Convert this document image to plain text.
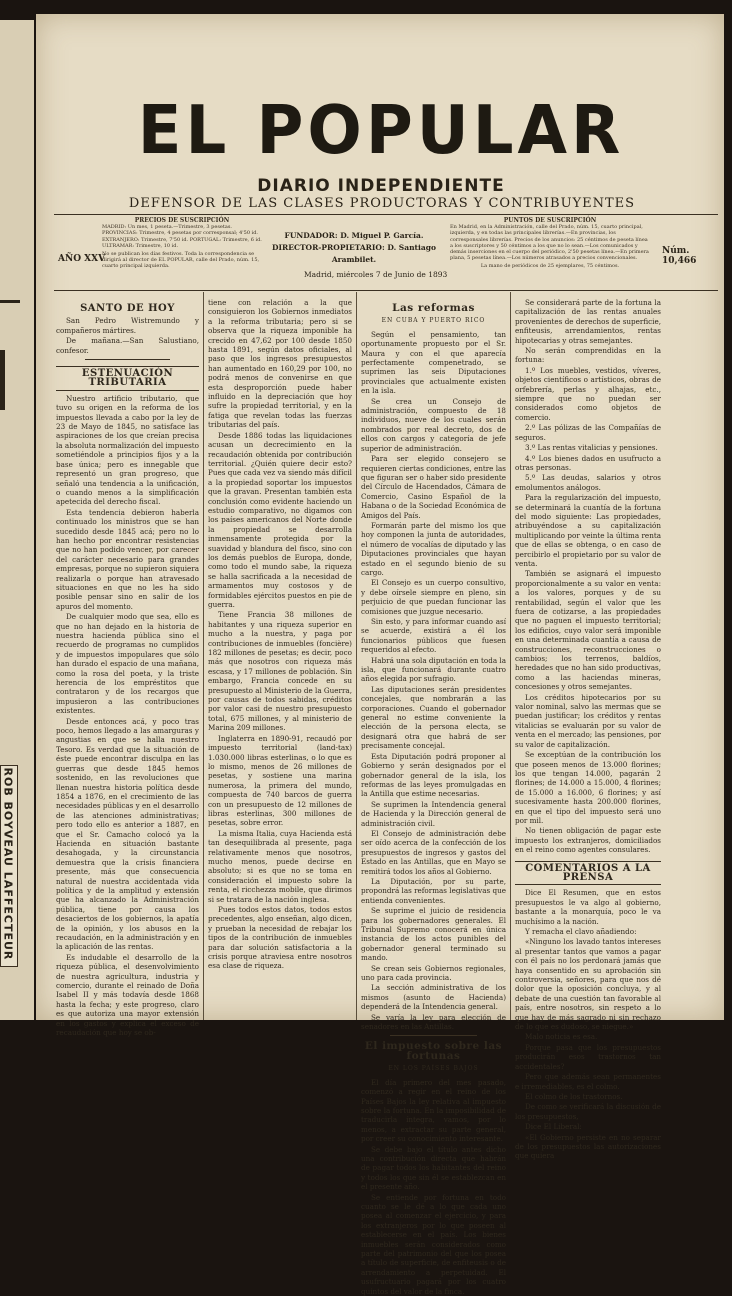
ROB BOYVEAU LAFFECTEUR
EL POPULAR
DIARIO INDEPENDIENTE
DEFENSOR DE LAS CLASES PRODUCTORAS Y CONTRIBUYENTES
AÑO XXV
PRECIOS DE SUSCRIPCIÓN
MADRID: Un mes, 1 peseta.—Trimestre, 3 pesetas. PROVINCIAS: Trimestre, 4 pesetas por corresponsal; 4'50 id. EXTRANJERO: Trimestre, 7'50 id. PORTUGAL: Trimestre, 6 id. ULTRAMAR: Trimestre, 10 id.
No se publican los días festivos. Toda la correspondencia se dirigirá al director de EL POPULAR, calle del Prado, núm. 15, cuarto principal izquierda.
FUNDADOR: D. Miguel P. García.
DIRECTOR-PROPIETARIO: D. Santiago Arambilet.
Madrid, miércoles 7 de Junio de 1893
PUNTOS DE SUSCRIPCIÓN
En Madrid, en la Administración, calle del Prado, núm. 15, cuarto principal, izquierda, y en todas las principales librerías.—En provincias, los corresponsales librerías. Precios de los anuncios: 25 céntimos de peseta línea a los suscriptores y 50 céntimos a los que no lo sean.—Los comunicados y demás inserciones en el cuerpo del periódico, 2'50 pesetas línea.—En primera plana, 5 pesetas línea.—Los números atrasados a precios convencionales.
La mano de periódicos de 25 ejemplares, 75 céntimos.
Núm. 10,466
SANTO DE HOY

San Pedro Wistremundo y compañeros mártires.

De mañana.—San Salustiano, confesor.

ESTENUACIÓN TRIBUTARIA

Nuestro artificio tributario, que tuvo su origen en la reforma de los impuestos llevada a cabo por la ley de 23 de Mayo de 1845, no satisface las aspiraciones de los que creían precisa la absoluta normalización del impuesto sometiéndole a principios fijos y a la base única; pero es innegable que representó un gran progreso, que señaló una tendencia a la unificación, o cuando menos a la simplificación apetecida del derecho fiscal.

Esta tendencia debieron haberla continuado los ministros que se han sucedido desde 1845 acá; pero no lo han hecho por encontrar resistencias que no han podido vencer, por carecer del carácter necesario para grandes empresas, porque no supieron siquiera realizarla o porque han atravesado situaciones en que no les ha sido posible pensar sino en salir de los apuros del momento.

De cualquier modo que sea, ello es que no han dejado en la historia de nuestra hacienda pública sino el recuerdo de programas no cumplidos y de impuestos impopulares que sólo han durado el espacio de una mañana, como la rosa del poeta, y la triste herencia de los empréstitos que contrataron y de los recargos que impusieron a las contribuciones existentes.

Desde entonces acá, y poco tras poco, hemos llegado a las amarguras y angustias en que se halla nuestro Tesoro. Es verdad que la situación de éste puede encontrar disculpa en las guerras que desde 1845 hemos sostenido, en las revoluciones que llenan nuestra historia política desde 1854 a 1876, en el crecimiento de las necesidades públicas y en el desarrollo de las atenciones administrativas; pero todo ello es anterior a 1887, en que el Sr. Camacho colocó ya la Hacienda en situación bastante desahogada, y la circunstancia demuestra que la crisis financiera presente, más que consecuencia natural de nuestra accidentada vida política y de la amplitud y extensión que ha alcanzado la Administración pública, tiene por causa los desaciertos de los gobiernos, la apatía de la opinión, y los abusos en la recaudación, en la administración y en la aplicación de las rentas.

Es indudable el desarrollo de la riqueza pública, el desenvolvimiento de nuestra agricultura, industria y comercio, durante el reinado de Doña Isabel II y más todavía desde 1868 hasta la fecha; y este progreso, claro es que autoriza una mayor extensión en los gastos y explica el exceso de recaudación que hoy se ob-

tiene con relación a la que consiguieron los Gobiernos inmediatos a la reforma tributaria; pero si se observa que la riqueza imponible ha crecido en 47,62 por 100 desde 1850 hasta 1891, según datos oficiales, al paso que los ingresos presupuestos han aumentado en 160,29 por 100, no podrá menos de convenirse en que esta desproporción puede haber influido en la depreciación que hoy sufre la propiedad territorial, y en la fatiga que revelan todas las fuerzas tributarias del país.

Desde 1886 todas las liquidaciones acusan un decrecimiento en la recaudación obtenida por contribución territorial. ¿Quién quiere decir esto? Pues que cada vez va siendo más difícil a la propiedad soportar los impuestos que la gravan. Presentan también esta conclusión como evidente haciendo un estudio comparativo, no digamos con los países americanos del Norte donde la propiedad se desarrolla inmensamente protegida por la suavidad y blandura del fisco, sino con los demás pueblos de Europa, donde, como todo el mundo sabe, la riqueza se halla sacrificada a la necesidad de armamentos muy costosos y de formidables ejércitos puestos en pie de guerra.

Tiene Francia 38 millones de habitantes y una riqueza superior en mucho a la nuestra, y paga por contribuciones de inmuebles (foncière) 182 millones de pesetas; es decir, poco más que nosotros con riqueza más escasa, y 17 millones de población. Sin embargo, Francia concede en su presupuesto al Ministerio de la Guerra, por causas de todos sabidas, créditos por valor casi de nuestro presupuesto total, 675 millones, y al ministerio de Marina 209 millones.

Inglaterra en 1890-91, recaudó por impuesto territorial (land-tax) 1.030.000 libras esterlinas, o lo que es lo mismo, menos de 26 millones de pesetas, y sostiene una marina numerosa, la primera del mundo, compuesta de 740 barcos de guerra con un presupuesto de 12 millones de libras esterlinas, 300 millones de pesetas, sobre error.

La misma Italia, cuya Hacienda está tan desequilibrada al presente, paga relativamente menos que nosotros, mucho menos, puede decirse en absoluto; si es que no se toma en consideración el impuesto sobre la renta, el ricchezza mobile, que dirimos si se tratara de la nación inglesa.

Pues todos estos datos, todos estos precedentes, algo enseñan, algo dicen, y prueban la necesidad de rebajar los tipos de la contribución de inmuebles para dar solución satisfactoria a la crisis porque atraviesa entre nosotros esa clase de riqueza.

Las reformas
EN CUBA Y PUERTO RICO

Según el pensamiento, tan oportunamente propuesto por el Sr. Maura y con el que aparecía perfectamente compenetrado, se suprimen las seis Diputaciones provinciales que actualmente existen en la isla.

Se crea un Consejo de administración, compuesto de 18 individuos, nueve de los cuales serán nombrados por real decreto, dos de ellos con cargos y categoría de jefe superior de administración.

Para ser elegido consejero se requieren ciertas condiciones, entre las que figuran ser o haber sido presidente del Círculo de Hacendados, Cámara de Comercio, Casino Español de la Habana o de la Sociedad Económica de Amigos del País.

Formarán parte del mismo los que hoy componen la junta de autoridades, el número de vocalías de diputado y las Diputaciones provinciales que hayan estado en el segundo bienio de su cargo.

El Consejo es un cuerpo consultivo, y debe oírsele siempre en pleno, sin perjuicio de que puedan funcionar las comisiones que juzgue necesario.

Sin esto, y para informar cuando así se acuerde, existirá a él los funcionarios públicos que fuesen requeridos al efecto.

Habrá una sola diputación en toda la isla, que funcionará durante cuatro años elegida por sufragio.

Las diputaciones serán presidentes concejales, que nombrarán a las corporaciones. Cuando el gobernador general no estime conveniente la elección de la persona electa, se designará otra que habrá de ser precisamente concejal.

Esta Diputación podrá proponer al Gobierno y serán designados por el gobernador general de la isla, los reformas de las leyes promulgadas en la Antilla que estime necesarias.

Se suprimen la Intendencia general de Hacienda y la Dirección general de administración civil.

El Consejo de administración debe ser oído acerca de la confección de los presupuestos de ingresos y gastos del Estado en las Antillas, que en Mayo se remitirá todos los años al Gobierno.

La Diputación, por su parte, propondrá las reformas legislativas que entienda convenientes.

Se suprime el juicio de residencia para los gobernadores generales. El Tribunal Supremo conocerá en única instancia de los actos punibles del gobernador general terminado su mando.

Se crean seis Gobiernos regionales, uno para cada provincia.

La sección administrativa de los mismos (asunto de Hacienda) dependerá de la Intendencia general.

Se varía la ley para elección de senadores en las Antillas.

El impuesto sobre las fortunas
EN LOS PAÍSES BAJOS

El día primero del mes pasado, comenzó a regir en el reino de los Países Bajos la ley relativa al impuesto sobre la fortuna. En la imposibilidad de traducirla íntegra, vamos, por lo menos, a extractar su parte general, por creer su conocimiento interesante.

Se debe bajo el título antes dicho una contribución directa que habrán de pagar todos los habitantes del reino y todos los que sin él se establezcan en el presente año.

Se entiende por fortuna en todo cuanto se le dé a lo que cada uno posea al comenzar el ejercicio, y para los extranjeros por lo que poseen al establecerse en el país. Los bienes inmuebles serán considerados como parte del patrimonio del que los posea a título de superficie, de enfiteusis o de arrendamiento a perpetuidad. El usufructuario pagará por los cuatro quintos del valor de la finca.

Se considerará parte de la fortuna la capitalización de las rentas anuales provenientes de derechos de superficie, enfiteusis, arrendamientos, rentas hipotecarias y otras semejantes.

No serán comprendidas en la fortuna:

1.º Los muebles, vestidos, víveres, objetos científicos o artísticos, obras de orfebrería, perlas y alhajas, etc., siempre que no puedan ser considerados como objetos de comercio.

2.º Las pólizas de las Compañías de seguros.

3.º Las rentas vitalicias y pensiones.

4.º Los bienes dados en usufructo a otras personas.

5.º Las deudas, salarios y otros emolumentos análogos.

Para la regularización del impuesto, se determinará la cuantía de la fortuna del modo siguiente: Las propiedades, atribuyéndose a su capitalización multiplicando por veinte la última renta que de ellas se obtenga, o en caso de percibirlo el propietario por su valor de venta.

También se asignará el impuesto proporcionalmente a su valor en venta: a los valores, porques y de su rentabilidad, según el valor que les fuera de cotizarse, a las propiedades que no paguen el impuesto territorial; los edificios, cuyo valor será imponible en una determinada cuantía a causa de construcciones, reconstrucciones o cambios; los terrenos, baldíos, heredades que no han sido productivas, como a las haciendas mineras, concesiones y otros semejantes.

Los créditos hipotecarios por su valor nominal, salvo las mermas que se puedan justificar; los créditos y rentas vitalicias se evaluarán por su valor de venta en el mercado; las pensiones, por su valor de capitalización.

Se exceptúan de la contribución los que poseen menos de 13.000 florines; los que tengan 14.000, pagarán 2 florines; de 14.000 a 15.000, 4 florines; de 15.000 a 16.000, 6 florines; y así sucesivamente hasta 200.000 florines, en que el tipo del impuesto será uno por mil.

No tienen obligación de pagar este impuesto los extranjeros, domiciliados en el reino como agentes consulares.

COMENTARIOS A LA PRENSA

Dice El Resumen, que en estos presupuestos le va algo al gobierno, bastante a la monarquía, poco le va muchísimo a la nación.

Y remacha el clavo añadiendo:

«Ninguno los lavado tantos intereses al presentar tantos que vamos a pagar con él país no los perdonará jamás que haya consentido en su aprobación sin controversia, señores, para que nos dé dolor que la oposición concluya, y al debate de una cuestión tan favorable al país, entre nosotros, sin respeto a lo que hay de más sagrado ni sin rechazo de lo que es dudoso, se niegue.»

Malo noticia es esa.

Porque pasa que los presupuestos producirán esos trastornos tan accidentales?

Pero que además sean permanentes e irremediables, es el colmo.

El colmo de los trastornos.

De como se verificará la discusión de los presupuestos,

Dice El Liberal:

«El Gobierno persiste en no separar de los presupuestos las autorizaciones que quiera
